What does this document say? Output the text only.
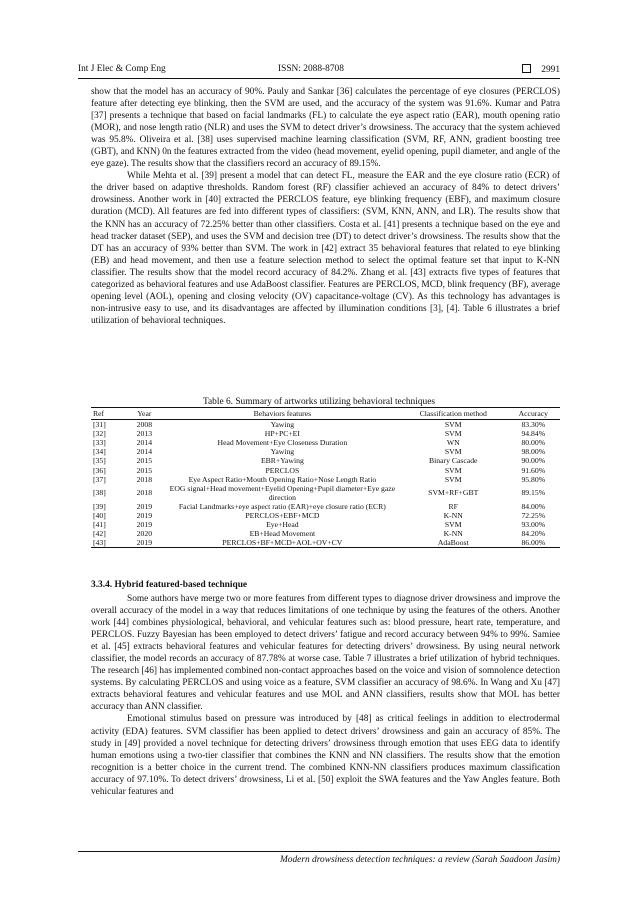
Int J Elec & Comp Eng	ISSN: 2088-8708	2991

show that the model has an accuracy of 90%. Pauly and Sankar [36] calculates the percentage of eye closures (PERCLOS) feature after detecting eye blinking, then the SVM are used, and the accuracy of the system was 91.6%. Kumar and Patra [37] presents a technique that based on facial landmarks (FL) to calculate the eye aspect ratio (EAR), mouth opening ratio (MOR), and nose length ratio (NLR) and uses the SVM to detect driver’s drowsiness. The accuracy that the system achieved was 95.8%. Oliveira et al. [38] uses supervised machine learning classification (SVM, RF, ANN, gradient boosting tree (GBT), and KNN) 0n the features extracted from the video (head movement, eyelid opening, pupil diameter, and angle of the eye gaze). The results show that the classifiers record an accuracy of 89.15%.

While Mehta et al. [39] present a model that can detect FL, measure the EAR and the eye closure ratio (ECR) of the driver based on adaptive thresholds. Random forest (RF) classifier achieved an accuracy of 84% to detect drivers’ drowsiness. Another work in [40] extracted the PERCLOS feature, eye blinking frequency (EBF), and maximum closure duration (MCD). All features are fed into different types of classifiers: (SVM, KNN, ANN, and LR). The results show that the KNN has an accuracy of 72.25% better than other classifiers. Costa et al. [41] presents a technique based on the eye and head tracker dataset (SEP), and uses the SVM and decision tree (DT) to detect driver’s drowsiness. The results show that the DT has an accuracy of 93% better than SVM. The work in [42] extract 35 behavioral features that related to eye blinking (EB) and head movement, and then use a feature selection method to select the optimal feature set that input to K-NN classifier. The results show that the model record accuracy of 84.2%. Zhang et al. [43] extracts five types of features that categorized as behavioral features and use AdaBoost classifier. Features are PERCLOS, MCD, blink frequency (BF), average opening level (AOL), opening and closing velocity (OV) capacitance-voltage (CV). As this technology has advantages is non-intrusive easy to use, and its disadvantages are affected by illumination conditions [3], [4]. Table 6 illustrates a brief utilization of behavioral techniques.

Table 6. Summary of artworks utilizing behavioral techniques
Ref	Year	Behaviors features	Classification method	Accuracy
[31]	2008	Yawing	SVM	83.30%
[32]	2013	HP+PC+EI	SVM	94.84%
[33]	2014	Head Movement+Eye Closeness Duration	WN	80.00%
[34]	2014	Yawing	SVM	98.00%
[35]	2015	EBR+Yawing	Binary Cascade	90.00%
[36]	2015	PERCLOS	SVM	91.60%
[37]	2018	Eye Aspect Ratio+Mouth Opening Ratio+Nose Length Ratio	SVM	95.80%
[38]	2018	EOG signal+Head movement+Eyelid Opening+Pupil diameter+Eye gaze direction	SVM+RF+GBT	89.15%
[39]	2019	Facial Landmarks+eye aspect ratio (EAR)+eye closure ratio (ECR)	RF	84.00%
[40]	2019	PERCLOS+EBF+MCD	K-NN	72.25%
[41]	2019	Eye+Head	SVM	93.00%
[42]	2020	EB+Head Movement	K-NN	84.20%
[43]	2019	PERCLOS+BF+MCD+AOL+OV+CV	AdaBoost	86.00%
3.3.4. Hybrid featured-based technique

Some authors have merge two or more features from different types to diagnose driver drowsiness and improve the overall accuracy of the model in a way that reduces limitations of one technique by using the features of the others. Another work [44] combines physiological, behavioral, and vehicular features such as: blood pressure, heart rate, temperature, and PERCLOS. Fuzzy Bayesian has been employed to detect drivers’ fatigue and record accuracy between 94% to 99%. Samiee et al. [45] extracts behavioral features and vehicular features for detecting drivers’ drowsiness. By using neural network classifier, the model records an accuracy of 87.78% at worse case. Table 7 illustrates a brief utilization of hybrid techniques. The research [46] has implemented combined non-contact approaches based on the voice and vision of somnolence detection systems. By calculating PERCLOS and using voice as a feature, SVM classifier an accuracy of 98.6%. In Wang and Xu [47] extracts behavioral features and vehicular features and use MOL and ANN classifiers, results show that MOL has better accuracy than ANN classifier.

Emotional stimulus based on pressure was introduced by [48] as critical feelings in addition to electrodermal activity (EDA) features. SVM classifier has been applied to detect drivers’ drowsiness and gain an accuracy of 85%. The study in [49] provided a novel technique for detecting drivers’ drowsiness through emotion that uses EEG data to identify human emotions using a two-tier classifier that combines the KNN and NN classifiers. The results show that the emotion recognition is a better choice in the current trend. The combined KNN-NN classifiers produces maximum classification accuracy of 97.10%. To detect drivers’ drowsiness, Li et al. [50] exploit the SWA features and the Yaw Angles feature. Both vehicular features and

Modern drowsiness detection techniques: a review (Sarah Saadoon Jasim)
